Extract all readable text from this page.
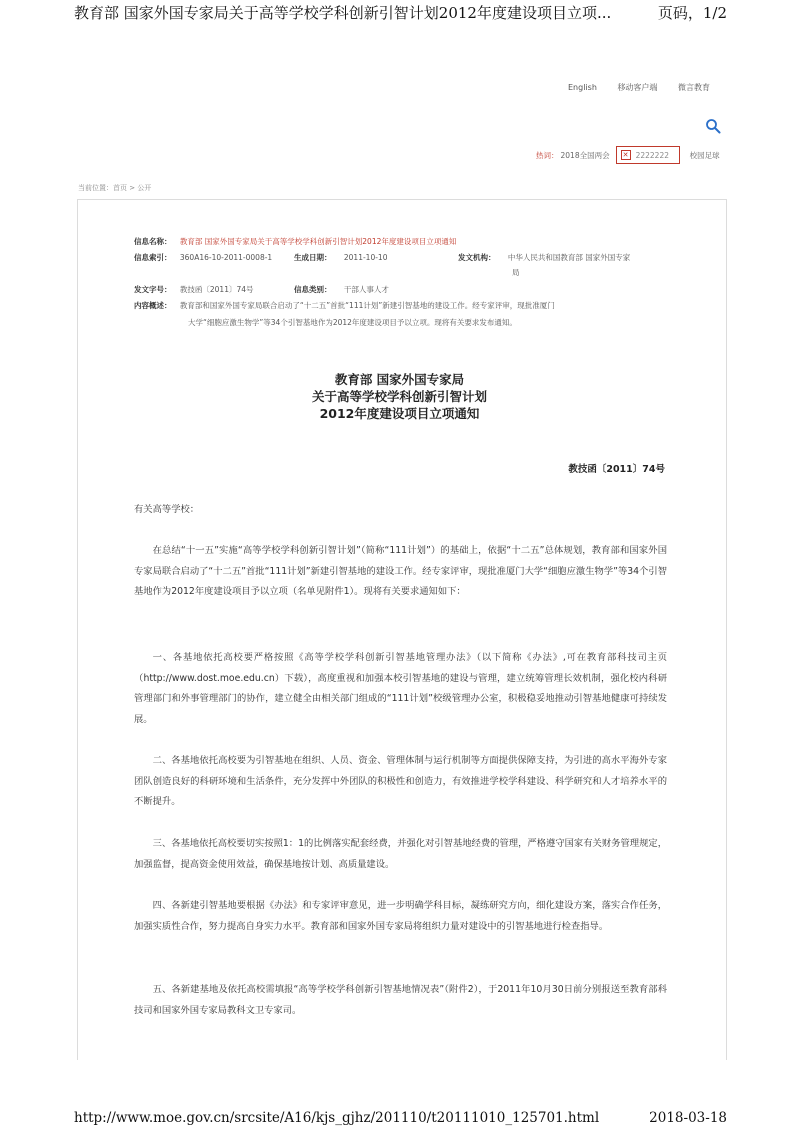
教育部 国家外国专家局关于高等学校学科创新引智计划2012年度建设项目立项...	页码，1/2
English	移动客户端	微言教育
热词： 2018全国两会 ✕ 2222222	校园足球
当前位置：首页 > 公开
信息名称： 教育部 国家外国专家局关于高等学校学科创新引智计划2012年度建设项目立项通知
信息索引： 360A16-10-2011-0008-1	生成日期： 2011-10-10	发文机构： 中华人民共和国教育部 国家外国专家
局
发文字号： 教技函〔2011〕74号	信息类别： 干部人事人才
内容概述： 教育部和国家外国专家局联合启动了“十二五”首批“111计划”新建引智基地的建设工作。经专家评审，现批准厦门
大学“细胞应激生物学”等34个引智基地作为2012年度建设项目予以立项。现将有关要求发布通知。
教育部 国家外国专家局
关于高等学校学科创新引智计划
2012年度建设项目立项通知
教技函〔2011〕74号
有关高等学校：
在总结“十一五”实施“高等学校学科创新引智计划”（简称“111计划”）的基础上，依据“十二五”总体规划，教育部和国家外国专家局联合启动了“十二五”首批“111计划”新建引智基地的建设工作。经专家评审，现批准厦门大学“细胞应激生物学”等34个引智基地作为2012年度建设项目予以立项（名单见附件1）。现将有关要求通知如下：
一、各基地依托高校要严格按照《高等学校学科创新引智基地管理办法》（以下简称《办法》,可在教育部科技司主页（http://www.dost.moe.edu.cn）下载），高度重视和加强本校引智基地的建设与管理，建立统筹管理长效机制，强化校内科研管理部门和外事管理部门的协作，建立健全由相关部门组成的“111计划”校级管理办公室，积极稳妥地推动引智基地健康可持续发展。
二、各基地依托高校要为引智基地在组织、人员、资金、管理体制与运行机制等方面提供保障支持，为引进的高水平海外专家团队创造良好的科研环境和生活条件，充分发挥中外团队的积极性和创造力，有效推进学校学科建设、科学研究和人才培养水平的不断提升。
三、各基地依托高校要切实按照1：1的比例落实配套经费，并强化对引智基地经费的管理，严格遵守国家有关财务管理规定，加强监督，提高资金使用效益，确保基地按计划、高质量建设。
四、各新建引智基地要根据《办法》和专家评审意见，进一步明确学科目标，凝练研究方向，细化建设方案，落实合作任务，加强实质性合作，努力提高自身实力水平。教育部和国家外国专家局将组织力量对建设中的引智基地进行检查指导。
五、各新建基地及依托高校需填报“高等学校学科创新引智基地情况表”（附件2），于2011年10月30日前分别报送至教育部科技司和国家外国专家局教科文卫专家司。
http://www.moe.gov.cn/srcsite/A16/kjs_gjhz/201110/t20111010_125701.html	2018-03-18
